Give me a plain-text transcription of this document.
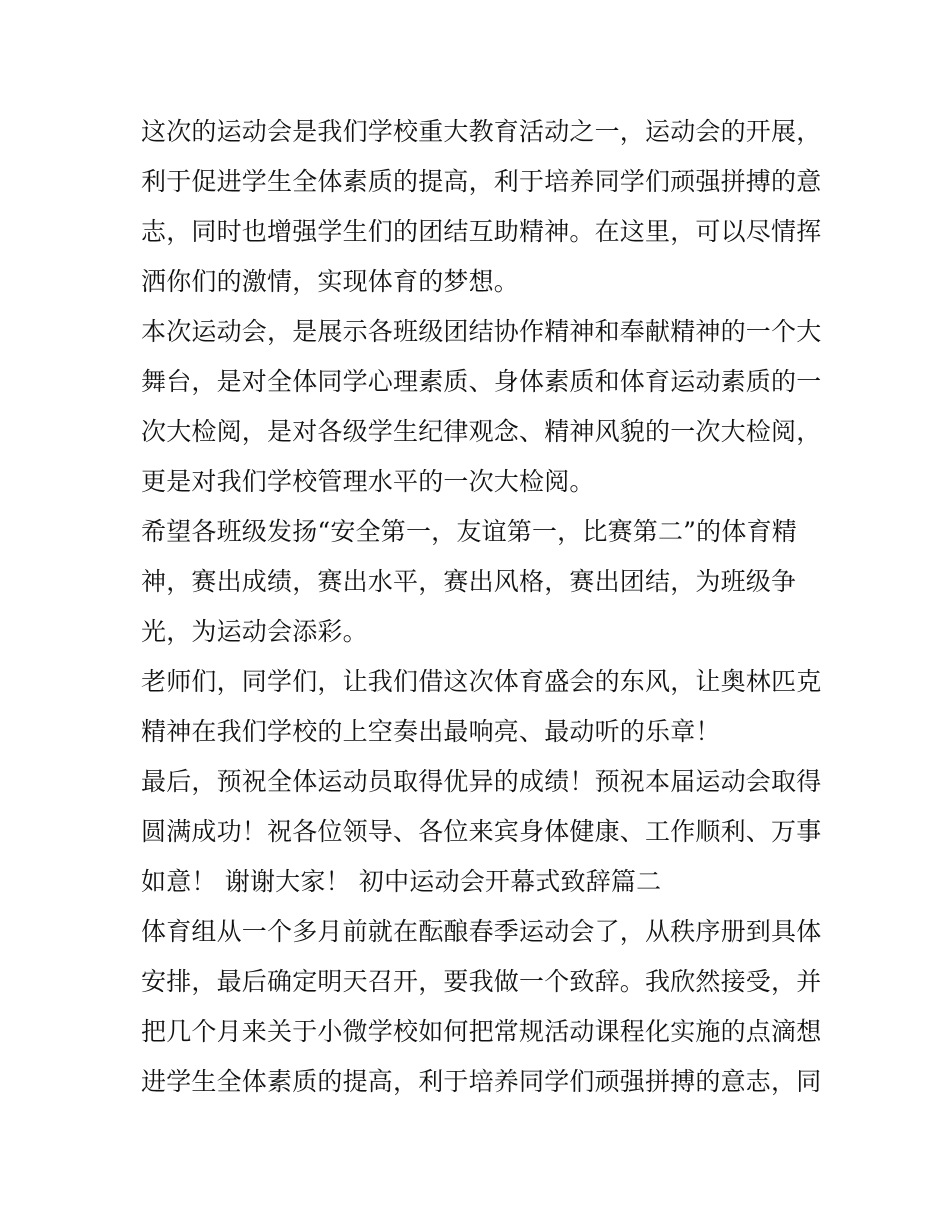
这次的运动会是我们学校重大教育活动之一，运动会的开展，
利于促进学生全体素质的提高，利于培养同学们顽强拼搏的意
志，同时也增强学生们的团结互助精神。在这里，可以尽情挥
洒你们的激情，实现体育的梦想。
本次运动会，是展示各班级团结协作精神和奉献精神的一个大
舞台，是对全体同学心理素质、身体素质和体育运动素质的一
次大检阅，是对各级学生纪律观念、精神风貌的一次大检阅，
更是对我们学校管理水平的一次大检阅。
希望各班级发扬“安全第一，友谊第一，比赛第二”的体育精
神，赛出成绩，赛出水平，赛出风格，赛出团结，为班级争
光，为运动会添彩。
老师们，同学们，让我们借这次体育盛会的东风，让奥林匹克
精神在我们学校的上空奏出最响亮、最动听的乐章！
最后，预祝全体运动员取得优异的成绩！预祝本届运动会取得
圆满成功！祝各位领导、各位来宾身体健康、工作顺利、万事
如意！ 谢谢大家！ 初中运动会开幕式致辞篇二
体育组从一个多月前就在酝酿春季运动会了，从秩序册到具体
安排，最后确定明天召开，要我做一个致辞。我欣然接受，并
把几个月来关于小微学校如何把常规活动课程化实施的点滴想
进学生全体素质的提高，利于培养同学们顽强拼搏的意志，同
